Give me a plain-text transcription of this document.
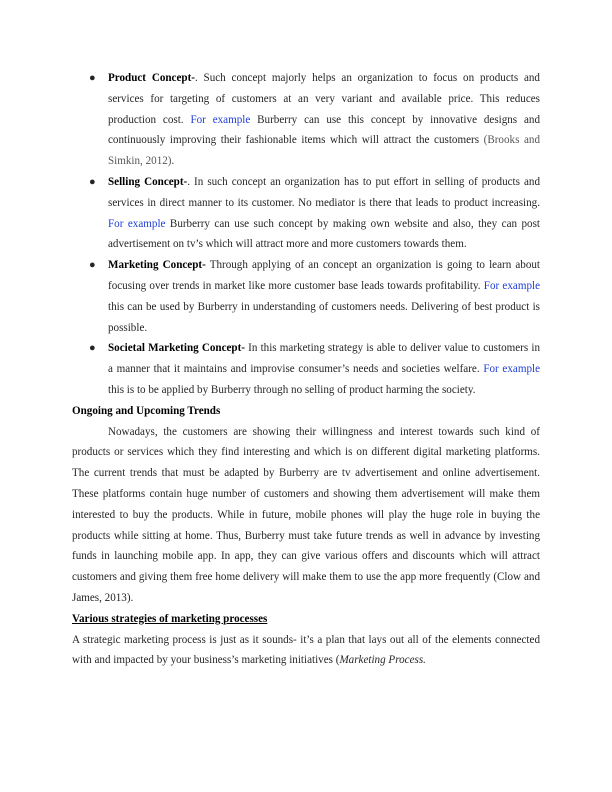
● Product Concept-. Such concept majorly helps an organization to focus on products and services for targeting of customers at an very variant and available price. This reduces production cost. For example Burberry can use this concept by innovative designs and continuously improving their fashionable items which will attract the customers (Brooks and Simkin, 2012).
● Selling Concept-. In such concept an organization has to put effort in selling of products and services in direct manner to its customer. No mediator is there that leads to product increasing. For example Burberry can use such concept by making own website and also, they can post advertisement on tv’s which will attract more and more customers towards them.
● Marketing Concept- Through applying of an concept an organization is going to learn about focusing over trends in market like more customer base leads towards profitability. For example this can be used by Burberry in understanding of customers needs. Delivering of best product is possible.
● Societal Marketing Concept- In this marketing strategy is able to deliver value to customers in a manner that it maintains and improvise consumer’s needs and societies welfare. For example this is to be applied by Burberry through no selling of product harming the society.
Ongoing and Upcoming Trends

Nowadays, the customers are showing their willingness and interest towards such kind of products or services which they find interesting and which is on different digital marketing platforms. The current trends that must be adapted by Burberry are tv advertisement and online advertisement. These platforms contain huge number of customers and showing them advertisement will make them interested to buy the products. While in future, mobile phones will play the huge role in buying the products while sitting at home. Thus, Burberry must take future trends as well in advance by investing funds in launching mobile app. In app, they can give various offers and discounts which will attract customers and giving them free home delivery will make them to use the app more frequently (Clow and James, 2013).

Various strategies of marketing processes

A strategic marketing process is just as it sounds- it’s a plan that lays out all of the elements connected with and impacted by your business’s marketing initiatives (Marketing Process.
